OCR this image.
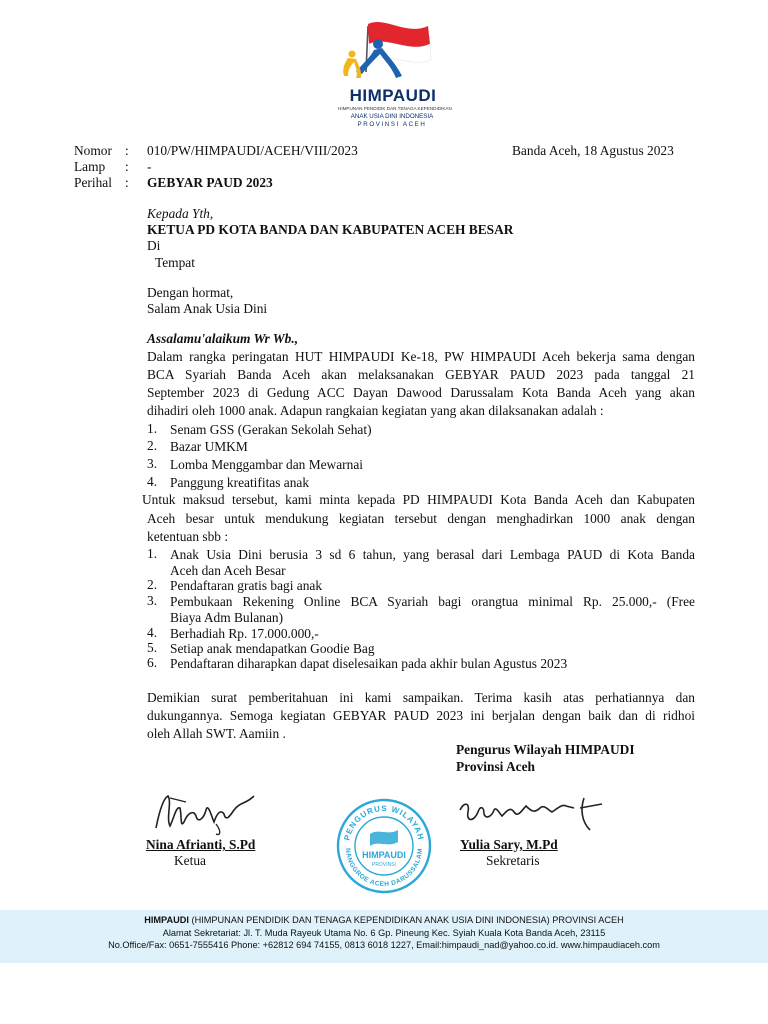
HIMPAUDI
HIMPUNAN PENDIDIK DAN TENAGA KEPENDIDIKAN
ANAK USIA DINI INDONESIA
PROVINSI ACEH
Nomor : 010/PW/HIMPAUDI/ACEH/VIII/2023
Lamp : -
Perihal : GEBYAR PAUD 2023
Banda Aceh, 18 Agustus 2023
Kepada Yth,
KETUA PD KOTA BANDA DAN KABUPATEN ACEH BESAR
Di
Tempat
Dengan hormat,
Salam Anak Usia Dini
Assalamu'alaikum Wr Wb.,
Dalam rangka peringatan HUT HIMPAUDI Ke-18, PW HIMPAUDI Aceh bekerja sama dengan
BCA Syariah Banda Aceh akan melaksanakan GEBYAR PAUD 2023 pada tanggal 21
September 2023 di Gedung ACC Dayan Dawood Darussalam Kota Banda Aceh yang akan
dihadiri oleh 1000 anak. Adapun rangkaian kegiatan yang akan dilaksanakan adalah :
1. Senam GSS (Gerakan Sekolah Sehat)
2. Bazar UMKM
3. Lomba Menggambar dan Mewarnai
4. Panggung kreatifitas anak
Untuk maksud tersebut, kami minta kepada PD HIMPAUDI Kota Banda Aceh dan Kabupaten
Aceh besar untuk mendukung kegiatan tersebut dengan menghadirkan 1000 anak dengan
ketentuan sbb :
1. Anak Usia Dini berusia 3 sd 6 tahun, yang berasal dari Lembaga PAUD di Kota Banda
Aceh dan Aceh Besar
2. Pendaftaran gratis bagi anak
3. Pembukaan Rekening Online BCA Syariah bagi orangtua minimal Rp. 25.000,- (Free
Biaya Adm Bulanan)
4. Berhadiah Rp. 17.000.000,-
5. Setiap anak mendapatkan Goodie Bag
6. Pendaftaran diharapkan dapat diselesaikan pada akhir bulan Agustus 2023
Demikian surat pemberitahuan ini kami sampaikan. Terima kasih atas perhatiannya dan
dukungannya. Semoga kegiatan GEBYAR PAUD 2023 ini berjalan dengan baik dan di ridhoi
oleh Allah SWT. Aamiin .
Pengurus Wilayah HIMPAUDI
Provinsi Aceh
PENGURUS WILAYAH
NANGGROE ACEH DARUSSALAM
HIMPAUDI
PROVINSI
Nina Afrianti, S.Pd
Ketua
Yulia Sary, M.Pd
Sekretaris
HIMPAUDI (HIMPUNAN PENDIDIK DAN TENAGA KEPENDIDIKAN ANAK USIA DINI INDONESIA) PROVINSI ACEH
Alamat Sekretariat: Jl. T. Muda Rayeuk Utama No. 6 Gp. Pineung Kec. Syiah Kuala Kota Banda Aceh, 23115
No.Office/Fax: 0651-7555416 Phone: +62812 694 74155, 0813 6018 1227, Email:himpaudi_nad@yahoo.co.id. www.himpaudiaceh.com
